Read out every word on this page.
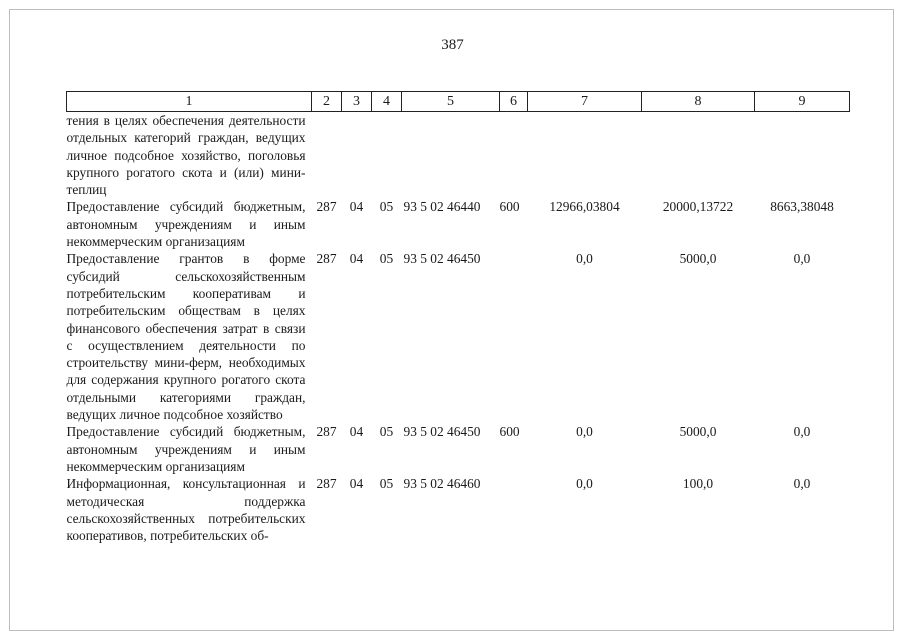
387
1	2	3	4	5	6	7	8	9
тения в целях обеспечения деятельности отдельных категорий граждан, ведущих личное подсобное хозяйство, поголовья крупного рогатого скота и (или) мини-теплиц								
Предоставление субсидий бюджетным, автономным учреждениям и иным некоммерческим организациям	287	04	05	93 5 02 46440	600	12966,03804	20000,13722	8663,38048
Предоставление грантов в форме субсидий сельскохозяйственным потребительским кооперативам и потребительским обществам в целях финансового обеспечения затрат в связи с осуществлением деятельности по строительству мини-ферм, необходимых для содержания крупного рогатого скота отдельными категориями граждан, ведущих личное подсобное хозяйство	287	04	05	93 5 02 46450		0,0	5000,0	0,0
Предоставление субсидий бюджетным, автономным учреждениям и иным некоммерческим организациям	287	04	05	93 5 02 46450	600	0,0	5000,0	0,0
Информационная, консультационная и методическая поддержка сельскохозяйственных потребительских кооперативов, потребительских об-	287	04	05	93 5 02 46460		0,0	100,0	0,0
